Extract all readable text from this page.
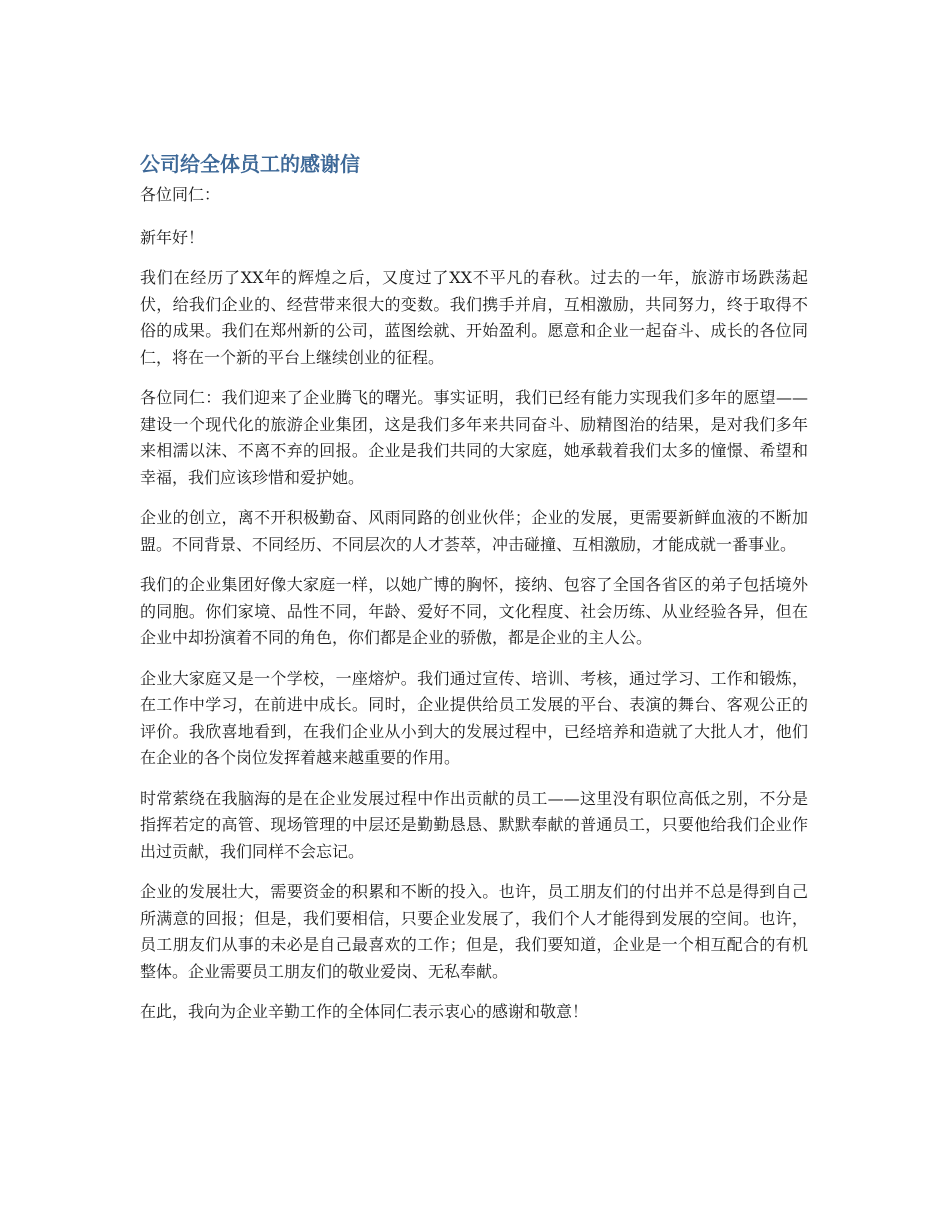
公司给全体员工的感谢信

各位同仁：

新年好！

我们在经历了XX年的辉煌之后，又度过了XX不平凡的春秋。过去的一年，旅游市场跌荡起伏，给我们企业的、经营带来很大的变数。我们携手并肩，互相激励，共同努力，终于取得不俗的成果。我们在郑州新的公司，蓝图绘就、开始盈利。愿意和企业一起奋斗、成长的各位同仁，将在一个新的平台上继续创业的征程。

各位同仁：我们迎来了企业腾飞的曙光。事实证明，我们已经有能力实现我们多年的愿望——建设一个现代化的旅游企业集团，这是我们多年来共同奋斗、励精图治的结果，是对我们多年来相濡以沫、不离不弃的回报。企业是我们共同的大家庭，她承载着我们太多的憧憬、希望和幸福，我们应该珍惜和爱护她。

企业的创立，离不开积极勤奋、风雨同路的创业伙伴；企业的发展，更需要新鲜血液的不断加盟。不同背景、不同经历、不同层次的人才荟萃，冲击碰撞、互相激励，才能成就一番事业。

我们的企业集团好像大家庭一样，以她广博的胸怀，接纳、包容了全国各省区的弟子包括境外的同胞。你们家境、品性不同，年龄、爱好不同，文化程度、社会历练、从业经验各异，但在企业中却扮演着不同的角色，你们都是企业的骄傲，都是企业的主人公。

企业大家庭又是一个学校，一座熔炉。我们通过宣传、培训、考核，通过学习、工作和锻炼，在工作中学习，在前进中成长。同时，企业提供给员工发展的平台、表演的舞台、客观公正的评价。我欣喜地看到，在我们企业从小到大的发展过程中，已经培养和造就了大批人才，他们在企业的各个岗位发挥着越来越重要的作用。

时常萦绕在我脑海的是在企业发展过程中作出贡献的员工——这里没有职位高低之别，不分是指挥若定的高管、现场管理的中层还是勤勤恳恳、默默奉献的普通员工，只要他给我们企业作出过贡献，我们同样不会忘记。

企业的发展壮大，需要资金的积累和不断的投入。也许，员工朋友们的付出并不总是得到自己所满意的回报；但是，我们要相信，只要企业发展了，我们个人才能得到发展的空间。也许，员工朋友们从事的未必是自己最喜欢的工作；但是，我们要知道，企业是一个相互配合的有机整体。企业需要员工朋友们的敬业爱岗、无私奉献。

在此，我向为企业辛勤工作的全体同仁表示衷心的感谢和敬意！
